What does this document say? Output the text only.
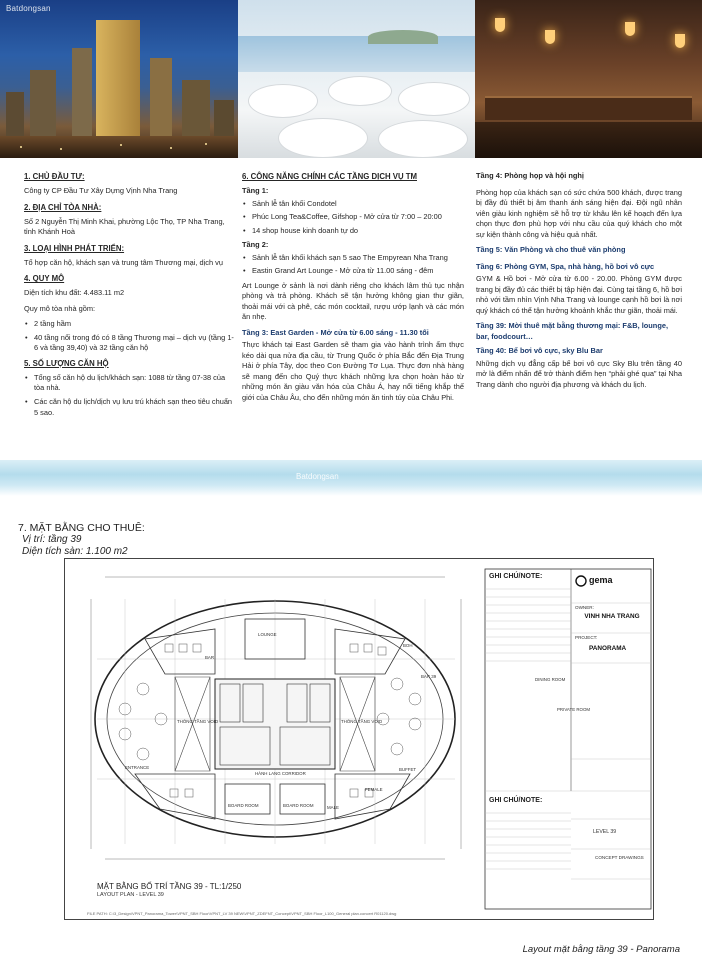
Batdongsan
1. CHỦ ĐẦU TƯ:
Công ty CP Đầu Tư Xây Dựng Vịnh Nha Trang
2. ĐỊA CHỈ TÒA NHÀ:
Số 2 Nguyễn Thị Minh Khai, phường Lộc Thọ, TP Nha Trang, tỉnh Khánh Hoà
3. LOẠI HÌNH PHÁT TRIỂN:
Tổ hợp căn hộ, khách sạn và trung tâm Thương mại, dịch vụ
4. QUY MÔ
Diện tích khu đất: 4.483.11 m2
Quy mô tòa nhà gồm:
• 2 tầng hầm
• 40 tầng nổi trong đó có 8 tầng Thương mại – dịch vụ (tầng 1-6 và tầng 39,40) và 32 tầng căn hộ
5. SỐ LƯỢNG CĂN HỘ
• Tổng số căn hộ du lịch/khách sạn: 1088 từ tầng 07-38 của tòa nhà.
• Các căn hộ du lịch/dịch vụ lưu trú khách sạn theo tiêu chuẩn 5 sao.
6. CÔNG NĂNG CHÍNH CÁC TẦNG DỊCH VỤ TM
Tầng 1:
• Sảnh lễ tân khối Condotel
• Phúc Long Tea&Coffee, Gifshop - Mở cửa từ 7:00 – 20:00
• 14 shop house kinh doanh tự do
Tầng 2:
• Sảnh lễ tân khối khách sạn 5 sao The Empyrean Nha Trang
• Eastin Grand Art Lounge - Mở cửa từ 11.00 sáng - đêm
Art Lounge ở sảnh là nơi dành riêng cho khách lâm thủ tục nhận phòng và trả phòng. Khách sẽ tận hưởng không gian thư giãn, thoải mái với cà phê, các món cocktail, rượu ướp lạnh và các món ăn nhẹ.
Tầng 3: East Garden - Mở cửa từ 6.00 sáng - 11.30 tối
Thực khách tại East Garden sẽ tham gia vào hành trình ẩm thực kéo dài qua nửa địa cầu, từ Trung Quốc ở phía Bắc đến Địa Trung Hải ở phía Tây, dọc theo Con Đường Tơ Lụa. Thực đơn nhà hàng sẽ mang đến cho Quý thực khách những lựa chọn hoàn hảo từ những món ăn giàu văn hóa của Châu Á, hay nổi tiếng khắp thế giới của Châu Âu, cho đến những món ăn tinh túy của Châu Phi.
Tầng 4: Phòng họp và hội nghị
Phòng họp của khách sạn có sức chứa 500 khách, được trang bị đầy đủ thiết bị âm thanh ánh sáng hiện đại. Đội ngũ nhân viên giàu kinh nghiệm sẽ hỗ trợ từ khâu lên kế hoạch đến lựa chọn thực đơn phù hợp với nhu cầu của quý khách cho một sự kiện thành công và hiệu quả nhất.
Tầng 5: Văn Phòng và cho thuê văn phòng
Tầng 6: Phòng GYM, Spa, nhà hàng, hồ bơi vô cực
GYM & Hồ bơi - Mở cửa từ 6.00 - 20.00. Phòng GYM được trang bị đầy đủ các thiết bị tập hiện đại. Cùng tại tầng 6, hồ bơi nhỏ với tầm nhìn Vịnh Nha Trang và lounge cạnh hồ bơi là nơi quý khách có thể tận hưởng khoảnh khắc thư giãn, thoải mái.
Tầng 39: Mời thuê mặt bằng thương mại: F&B, lounge, bar, foodcourt…
Tầng 40: Bể bơi vô cực, sky Blu Bar
Những dịch vụ đẳng cấp bể bơi vô cực Sky Blu trên tầng 40 mở là điểm nhấn để trở thành điểm hẹn “phải ghé qua” tại Nha Trang dành cho người địa phương và khách du lịch.
Batdongsan
7. MẶT BẰNG CHO THUÊ:
Vị trí: tầng 39
Diện tích sàn: 1.100 m2
LOUNGE
BAR
BOH
BAR 39
DINING ROOM
PRIVATE ROOM
THÔNG TẦNG VOID	THÔNG TẦNG VOID
HÀNH LANG CORRIDOR
BOARD ROOM	BOARD ROOM	MALE
FEMALE
BUFFET
ENTRANCE
GHI CHÚ/NOTE:
GHI CHÚ/NOTE:
gema
OWNER:
VINH NHA TRANG
PROJECT:
PANORAMA
LEVEL 39
CONCEPT DRAWINGS
MẶT BẰNG BỐ TRÍ TẦNG 39 - TL:1/250
LAYOUT PLAN - LEVEL 39
FILE PATH: C:\3_Design\VPNT_Panorama_Tower\VPNT_SBH Floor\VPNT_LV 39 NEW\VPNT_ZDEFNT_Concept\VPNT_SBH Floor_L100_General plan.concert R01120.dwg
Layout mặt bằng tầng 39 - Panorama
